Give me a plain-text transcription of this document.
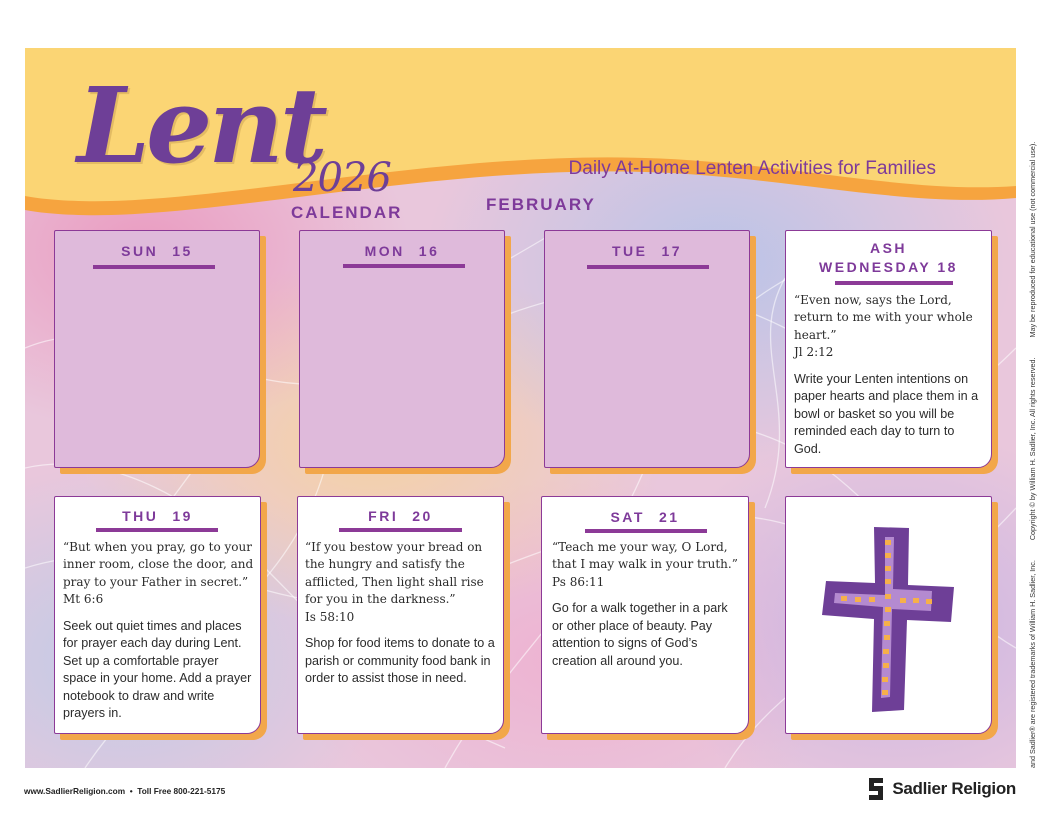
Lent
2026
CALENDAR
Daily At-Home Lenten Activities for Families
FEBRUARY
SUN 15	MON 16	TUE 17	ASH
WEDNESDAY 18

“Even now, says the Lord, return to me with your whole heart.”
Jl 2:12

Write your Lenten intentions on paper hearts and place them in a bowl or basket so you will be reminded each day to turn to God.

THU 19

“But when you pray, go to your inner room, close the door, and pray to your Father in secret.”
Mt 6:6

Seek out quiet times and places for prayer each day during Lent. Set up a comfortable prayer space in your home. Add a prayer notebook to draw and write prayers in.

FRI 20

“If you bestow your bread on the hungry and satisfy the afflicted, Then light shall rise for you in the darkness.”
Is 58:10

Shop for food items to donate to a parish or community food bank in order to assist those in need.

SAT 21

“Teach me your way, O Lord, that I may walk in your truth.”
Ps 86:11

Go for a walk together in a park or other place of beauty. Pay attention to signs of God’s creation all around you.

www.SadlierReligion.com • Toll Free 800-221-5175	Sadlier Religion
and Sadlier® are registered trademarks of William H. Sadlier, Inc. Copyright © by William H. Sadlier, Inc. All rights reserved. May be reproduced for educational use (not commercial use).
